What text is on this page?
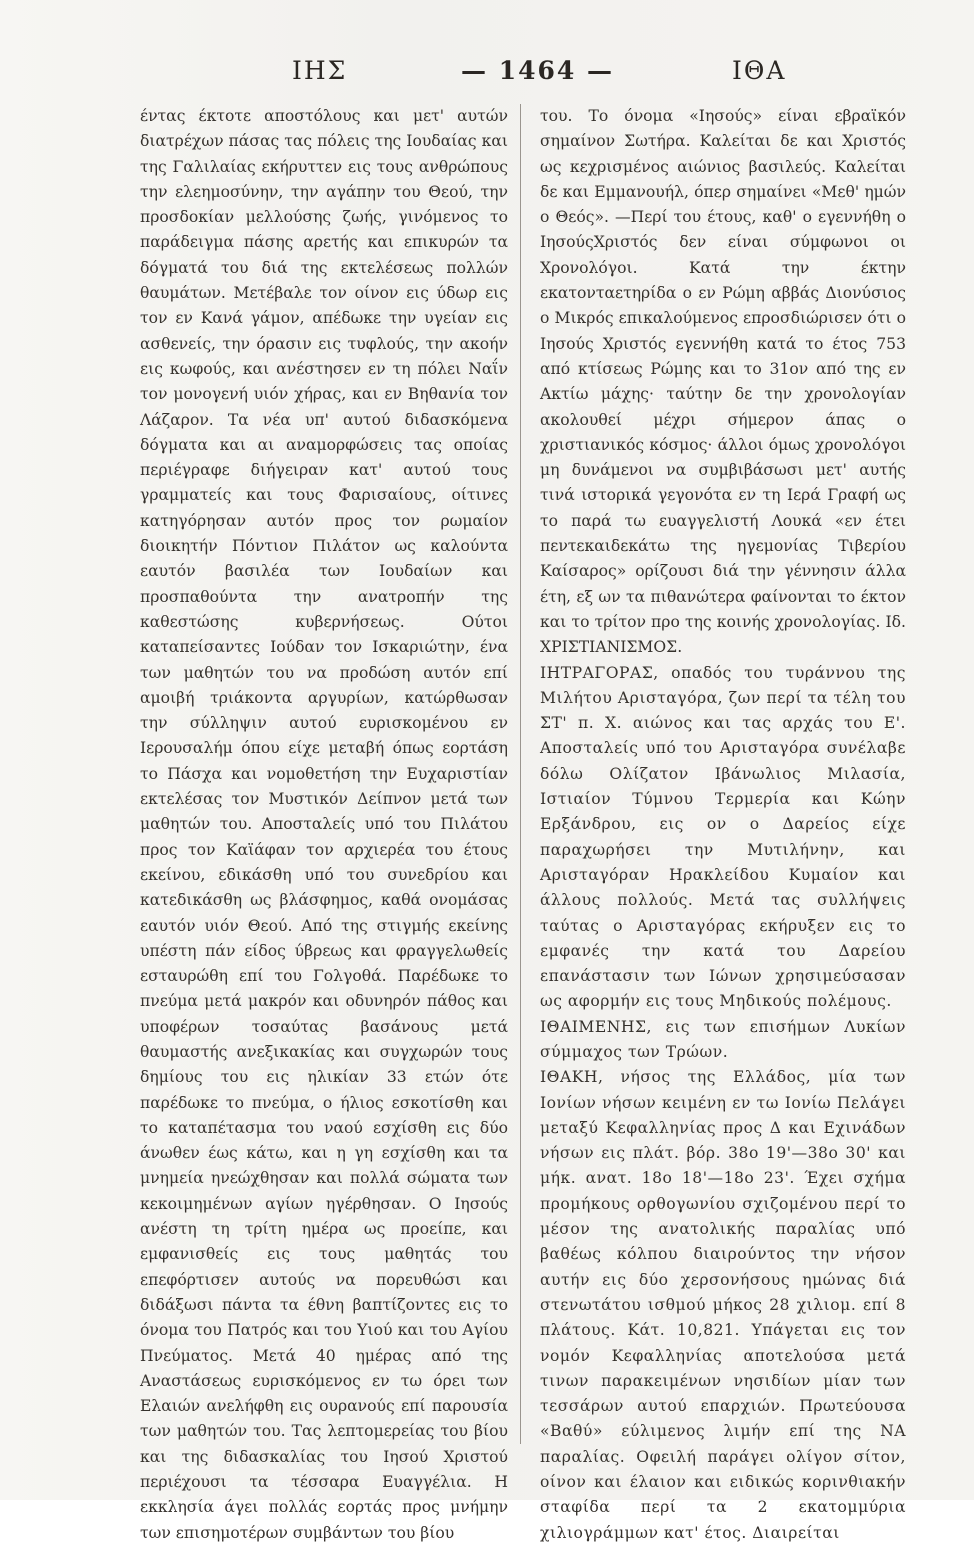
ΙΗΣ	— 1464 —	ΙΘΑ

έντας έκτοτε αποστόλους και μετ' αυτών διατρέχων πάσας τας πόλεις της Ιουδαίας και της Γαλιλαίας εκήρυττεν εις τους ανθρώπους την ελεημοσύνην, την αγάπην του Θεού, την προσδοκίαν μελλούσης ζωής, γινόμενος το παράδειγμα πάσης αρετής και επικυρών τα δόγματά του διά της εκτελέσεως πολλών θαυμάτων. Μετέβαλε τον οίνον εις ύδωρ εις τον εν Κανά γάμον, απέδωκε την υγείαν εις ασθενείς, την όρασιν εις τυφλούς, την ακοήν εις κωφούς, και ανέστησεν εν τη πόλει Ναΐν τον μονογενή υιόν χήρας, και εν Βηθανία τον Λάζαρον. Τα νέα υπ' αυτού διδασκόμενα δόγματα και αι αναμορφώσεις τας οποίας περιέγραφε διήγειραν κατ' αυτού τους γραμματείς και τους Φαρισαίους, οίτινες κατηγόρησαν αυτόν προς τον ρωμαίον διοικητήν Πόντιον Πιλάτον ως καλούντα εαυτόν βασιλέα των Ιουδαίων και προσπαθούντα την ανατροπήν της καθεστώσης κυβερνήσεως. Ούτοι καταπείσαντες Ιούδαν τον Ισκαριώτην, ένα των μαθητών του να προδώση αυτόν επί αμοιβή τριάκοντα αργυρίων, κατώρθωσαν την σύλληψιν αυτού ευρισκομένου εν Ιερουσαλήμ όπου είχε μεταβή όπως εορτάση το Πάσχα και νομοθετήση την Ευχαριστίαν εκτελέσας τον Μυστικόν Δείπνον μετά των μαθητών του. Αποσταλείς υπό του Πιλάτου προς τον Καϊάφαν τον αρχιερέα του έτους εκείνου, εδικάσθη υπό του συνεδρίου και κατεδικάσθη ως βλάσφημος, καθά ονομάσας εαυτόν υιόν Θεού. Από της στιγμής εκείνης υπέστη πάν είδος ύβρεως και φραγγελωθείς εσταυρώθη επί του Γολγοθά. Παρέδωκε το πνεύμα μετά μακρόν και οδυνηρόν πάθος και υποφέρων τοσαύτας βασάνους μετά θαυμαστής ανεξικακίας και συγχωρών τους δημίους του εις ηλικίαν 33 ετών ότε παρέδωκε το πνεύμα, ο ήλιος εσκοτίσθη και το καταπέτασμα του ναού εσχίσθη εις δύο άνωθεν έως κάτω, και η γη εσχίσθη και τα μνημεία ηνεώχθησαν και πολλά σώματα των κεκοιμημένων αγίων ηγέρθησαν. Ο Ιησούς ανέστη τη τρίτη ημέρα ως προείπε, και εμφανισθείς εις τους μαθητάς του επεφόρτισεν αυτούς να πορευθώσι και διδάξωσι πάντα τα έθνη βαπτίζοντες εις το όνομα του Πατρός και του Υιού και του Αγίου Πνεύματος. Μετά 40 ημέρας από της Αναστάσεως ευρισκόμενος εν τω όρει των Ελαιών ανελήφθη εις ουρανούς επί παρουσία των μαθητών του. Τας λεπτομερείας του βίου και της διδασκαλίας του Ιησού Χριστού περιέχουσι τα τέσσαρα Ευαγγέλια. Η εκκλησία άγει πολλάς εορτάς προς μνήμην των επισημοτέρων συμβάντων του βίου

του. Το όνομα «Ιησούς» είναι εβραϊκόν σημαίνον Σωτήρα. Καλείται δε και Χριστός ως κεχρισμένος αιώνιος βασιλεύς. Καλείται δε και Εμμανουήλ, όπερ σημαίνει «Μεθ' ημών ο Θεός». —Περί του έτους, καθ' ο εγεννήθη ο ΙησούςΧριστός δεν είναι σύμφωνοι οι Χρονολόγοι. Κατά την έκτην εκατονταετηρίδα ο εν Ρώμη αββάς Διονύσιος ο Μικρός επικαλούμενος επροσδιώρισεν ότι ο Ιησούς Χριστός εγεννήθη κατά το έτος 753 από κτίσεως Ρώμης και το 31ον από της εν Ακτίω μάχης· ταύτην δε την χρονολογίαν ακολουθεί μέχρι σήμερον άπας ο χριστιανικός κόσμος· άλλοι όμως χρονολόγοι μη δυνάμενοι να συμβιβάσωσι μετ' αυτής τινά ιστορικά γεγονότα εν τη Ιερά Γραφή ως το παρά τω ευαγγελιστή Λουκά «εν έτει πεντεκαιδεκάτω της ηγεμονίας Τιβερίου Καίσαρος» ορίζουσι διά την γέννησιν άλλα έτη, εξ ων τα πιθανώτερα φαίνονται το έκτον και το τρίτον προ της κοινής χρονολογίας. Ιδ. ΧΡΙΣΤΙΑΝΙΣΜΟΣ.

ΙΗΤΡΑΓΟΡΑΣ, οπαδός του τυράννου της Μιλήτου Αρισταγόρα, ζων περί τα τέλη του ΣΤ' π. Χ. αιώνος και τας αρχάς του Ε'. Αποσταλείς υπό του Αρισταγόρα συνέλαβε δόλω Ολίζατον Ιβάνωλιος Μιλασία, Ιστιαίον Τύμνου Τερμερία και Κώην Ερξάνδρου, εις ον ο Δαρείος είχε παραχωρήσει την Μυτιλήνην, και Αρισταγόραν Ηρακλείδου Κυμαίον και άλλους πολλούς. Μετά τας συλλήψεις ταύτας ο Αρισταγόρας εκήρυξεν εις το εμφανές την κατά του Δαρείου επανάστασιν των Ιώνων χρησιμεύσασαν ως αφορμήν εις τους Μηδικούς πολέμους.

ΙΘΑΙΜΕΝΗΣ, εις των επισήμων Λυκίων σύμμαχος των Τρώων.

ΙΘΑΚΗ, νήσος της Ελλάδος, μία των Ιονίων νήσων κειμένη εν τω Ιονίω Πελάγει μεταξύ Κεφαλληνίας προς Δ και Εχινάδων νήσων εις πλάτ. βόρ. 38ο 19'—38ο 30' και μήκ. ανατ. 18ο 18'—18ο 23'. Έχει σχήμα προμήκους ορθογωνίου σχιζομένου περί το μέσον της ανατολικής παραλίας υπό βαθέως κόλπου διαιρούντος την νήσον αυτήν εις δύο χερσονήσους ημώνας διά στενωτάτου ισθμού μήκος 28 χιλιομ. επί 8 πλάτους. Κάτ. 10,821. Υπάγεται εις τον νομόν Κεφαλληνίας αποτελούσα μετά τινων παρακειμένων νησιδίων μίαν των τεσσάρων αυτού επαρχιών. Πρωτεύουσα «Βαθύ» εύλιμενος λιμήν επί της ΝΑ παραλίας. Οφειλή παράγει ολίγον σίτον, οίνον και έλαιον και ειδικώς κορινθιακήν σταφίδα περί τα 2 εκατομμύρια χιλιογράμμων κατ' έτος. Διαιρείται
